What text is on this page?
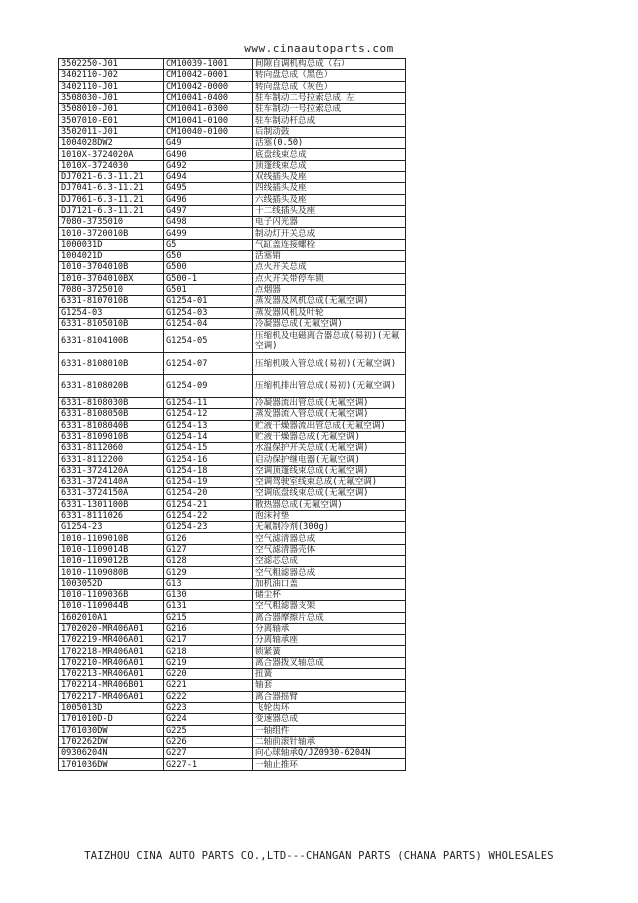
www.cinaautoparts.com
3502250-J01	CM10039-1001	间隙自调机构总成（右）
3402110-J02	CM10042-0001	转向盘总成（黑色）
3402110-J01	CM10042-0000	转向盘总成（灰色）
3508030-J01	CM10041-0400	驻车制动二号拉索总成 左
3508010-J01	CM10041-0300	驻车制动一号拉索总成
3507010-E01	CM10041-0100	驻车制动杆总成
3502011-J01	CM10040-0100	后制动鼓
1004028DW2	G49	活塞(0.50)
1010X-3724020A	G490	底盘线束总成
1010X-3724030	G492	顶篷线束总成
DJ7021-6.3-11.21	G494	双线插头及座
DJ7041-6.3-11.21	G495	四线插头及座
DJ7061-6.3-11.21	G496	六线插头及座
DJ7121-6.3-11.21	G497	十二线插头及座
7080-3735010	G498	电子闪光器
1010-3720010B	G499	制动灯开关总成
1000031D	G5	气缸盖连接螺栓
1004021D	G50	活塞销
1010-3704010B	G500	点火开关总成
1010-3704010BX	G500-1	点火开关带停车锁
7080-3725010	G501	点烟器
6331-8107010B	G1254-01	蒸发器及风机总成(无氟空调)
G1254-03	G1254-03	蒸发器风机及叶轮
6331-8105010B	G1254-04	冷凝器总成(无氟空调)
6331-8104100B	G1254-05	压缩机及电磁离合器总成(易初)(无氟空调)
6331-8108010B	G1254-07	压缩机吸入管总成(易初)(无氟空调)
6331-8108020B	G1254-09	压缩机排出管总成(易初)(无氟空调)
6331-8108030B	G1254-11	冷凝器流出管总成(无氟空调)
6331-8108050B	G1254-12	蒸发器流入管总成(无氟空调)
6331-8108040B	G1254-13	贮液干燥器流出管总成(无氟空调)
6331-8109010B	G1254-14	贮液干燥器总成(无氟空调)
6331-8112060	G1254-15	水温保护开关总成(无氟空调)
6331-8112200	G1254-16	启动保护继电器(无氟空调)
6331-3724120A	G1254-18	空调顶篷线束总成(无氟空调)
6331-3724140A	G1254-19	空调驾驶室线束总成(无氟空调)
6331-3724150A	G1254-20	空调底盘线束总成(无氟空调)
6331-1301100B	G1254-21	散热器总成(无氟空调)
6331-8111026	G1254-22	泡沫衬垫
G1254-23	G1254-23	无氟制冷剂(300g)
1010-1109010B	G126	空气滤清器总成
1010-1109014B	G127	空气滤清器壳体
1010-1109012B	G128	空滤芯总成
1010-1109080B	G129	空气粗滤器总成
1003052D	G13	加机油口盖
1010-1109036B	G130	储尘杯
1010-1109044B	G131	空气粗滤器支架
1602010A1	G215	离合器摩擦片总成
1702020-MR406A01	G216	分离轴承
1702219-MR406A01	G217	分离轴承座
1702218-MR406A01	G218	锁紧簧
1702210-MR406A01	G219	离合器拨叉轴总成
1702213-MR406A01	G220	扭簧
1702214-MR406B01	G221	轴套
1702217-MR406A01	G222	离合器摇臂
1005013D	G223	飞轮齿环
1701010D-D	G224	变速器总成
1701030DW	G225	一轴组件
1702262DW	G226	二轴前滚针轴承
09306204N	G227	向心球轴承Q/JZ0930-6204N
1701036DW	G227-1	一轴止推环
TAIZHOU CINA AUTO PARTS CO.,LTD---CHANGAN PARTS (CHANA PARTS) WHOLESALES
